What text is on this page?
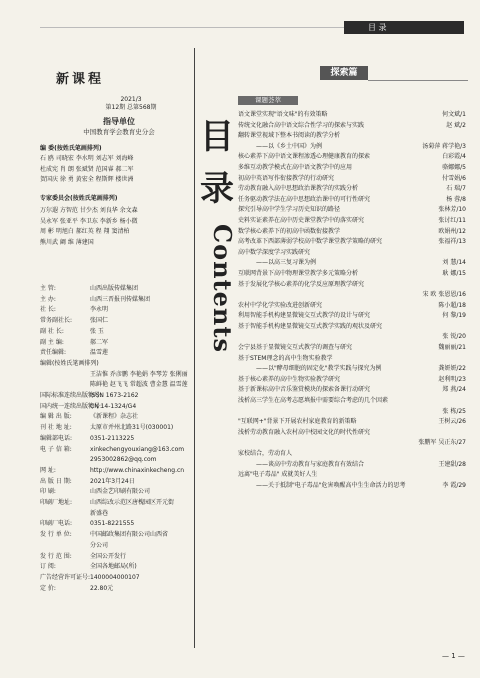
目 录
新课程
2021/3
第12期 总第568期
指导单位
中国教育学会教育史分会
编 委(按姓氏笔画排列)
石 鸥 司晓宏 李水明 刘志军 刘海峰
杜成宪 肖 朗 张斌贤 范国睿 郝二军
贺国庆 徐 勇 黄宏全 程斯辉 楼世洲
专家委员会(按姓氏笔画排列)
万尔遐 方智范 甘少杰 刘良华 余文森
吴永军 张亚平 李卫东 李新乡 杨小微
周 彬 明旭白 郝红英 程 翔 窦清柏
熊川武 阚 维 薄建国
主 管:	山西出版传媒集团
主 办:	山西三晋报刊传媒集团
社 长:	李永明
常务副社长:	张国仁
副 社 长:	张 玉
副 主 编:	郝二军
责任编辑:	温雪莲
编辑(按姓氏笔画排列)
王洁惟 乔彦鹏 李艳娟 李琴芳 张俐丽
陈鲜艳 赵飞飞 常超波 曹金慧 温雪莲
国际标准连续出版物号:ISSN 1673-2162
国内统一连续出版物号:CN 14-1324/G4
编 辑 出 版:	《新课程》杂志社
刊 社 地 址:	太原市并州北路31号(030001)
编辑部电话:	0351-2113225
电 子 信 箱:	xinkechengyouxiang@163.com
2953002862@qq.com
网 址:	http://www.chinaxinkecheng.cn
出 版 日 期:	2021年3月24日
印 刷:	山西金艺印刷有限公司
印刷厂地址:	山西综改示范区唐槐园区开元街
新盛巷
印刷厂电话:	0351-8221555
发 行 单 位:	中国邮政集团有限公司山西省
分公司
发 行 范 围:	全国公开发行
订 阅:	全国各地邮局(所)
广告经营许可证号:1400004000107
定 价:	22.80元
目
录
Contents
探索篇
课题荟萃
语文课堂实现"语文味"的有效策略	何文斌/1
传统文化融合高中语文综合性学习的探索与实践	赵 斌/2
翻转课堂视域下整本书阅读的教学分析
——以《乡土中国》为例	汤菊萍 蒋学艳/3
核心素养下高中语文课程渗透心理健康教育的探索	白彩霞/4
多维互动教学模式在高中语文教学中的应用	骆娜娜/5
初高中英语写作衔接教学的行动研究	付雪娟/6
劳动教育融入高中思想政治课教学的实践分析	石 瑞/7
任务驱动教学法在高中思想政治课中的可行性研究	杨 蓉/8
探究引导高中学生学习历史知识的路径	张林芳/10
史料实证素养在高中历史课堂教学中的落实研究	张讨红/11
数学核心素养下的初高中函数衔接教学	欧娟州/12
高考改革下西部薄弱学校高中数学课堂教学策略的研究	张福祥/13
高中数学深度学习实践研究
——以高三复习课为例	刘 慧/14
互联网背景下高中物理课堂教学多元策略分析	耿 娜/15
基于发展化学核心素养的化学反应原理教学研究
宋 欧 张恩恩/16
农村中学化学实验改进创新研究	陈小超/18
利用智能手机构建显微镜交互式教学的设计与研究	何 黎/19
基于智能手机构建显微镜交互式教学实践的观状及研究
张 锐/20
会宁县基于显微镜交互式教学的调查与研究	魏丽丽/21
基于STEM理念的高中生物实验教学
——以"酵母细胞的固定化"教学实践与探究为例	龚妍妍/22
基于核心素养的高中生物实验教学研究	赵利明/23
基于新课标高中音乐鉴赏模块的探索备课行动研究	郑 燕/24
浅析高三学生在高考志愿填报中需要综合考虑的几个因素
张 栋/25
"互联网+"背景下开展农村家庭教育的新策略	王树云/26
浅析劳动教育融入农村高中校园文化的时代性研究
张鹏军 吴正东/27
家校结合，劳动育人
——谈高中劳动教育与家庭教育有效结合	王建甜/28
远离"电子毒品" 成就美好人生
——关于抵制"电子毒品"危害唤醒高中生生命活力的思考	李 霞/29
— 1 —
